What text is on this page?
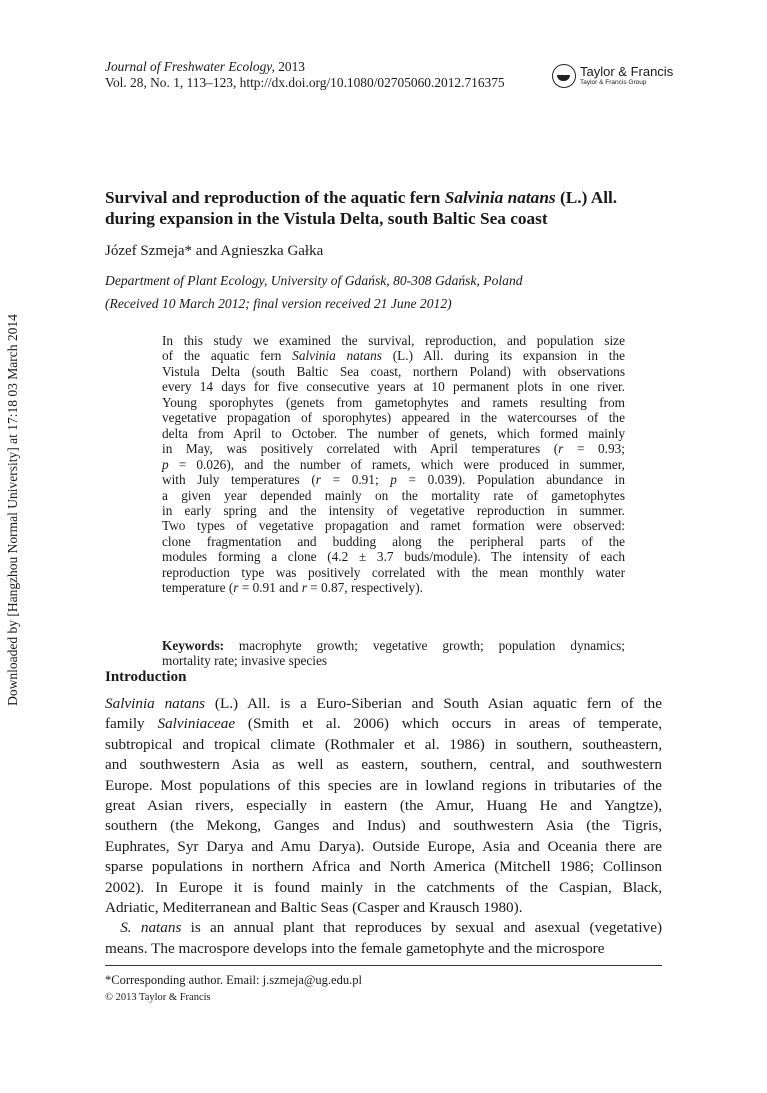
Downloaded by [Hangzhou Normal University] at 17:18 03 March 2014
Journal of Freshwater Ecology, 2013
Vol. 28, No. 1, 113–123, http://dx.doi.org/10.1080/02705060.2012.716375
Taylor & Francis
Taylor & Francis Group
Survival and reproduction of the aquatic fern Salvinia natans (L.) All.
during expansion in the Vistula Delta, south Baltic Sea coast
Józef Szmeja* and Agnieszka Gałka
Department of Plant Ecology, University of Gdańsk, 80-308 Gdańsk, Poland
(Received 10 March 2012; final version received 21 June 2012)
In this study we examined the survival, reproduction, and population size
of the aquatic fern Salvinia natans (L.) All. during its expansion in the
Vistula Delta (south Baltic Sea coast, northern Poland) with observations
every 14 days for five consecutive years at 10 permanent plots in one river.
Young sporophytes (genets from gametophytes and ramets resulting from
vegetative propagation of sporophytes) appeared in the watercourses of the
delta from April to October. The number of genets, which formed mainly
in May, was positively correlated with April temperatures (r = 0.93;
p = 0.026), and the number of ramets, which were produced in summer,
with July temperatures (r = 0.91; p = 0.039). Population abundance in
a given year depended mainly on the mortality rate of gametophytes
in early spring and the intensity of vegetative reproduction in summer.
Two types of vegetative propagation and ramet formation were observed:
clone fragmentation and budding along the peripheral parts of the
modules forming a clone (4.2 ± 3.7 buds/module). The intensity of each
reproduction type was positively correlated with the mean monthly water
temperature (r = 0.91 and r = 0.87, respectively).
Keywords: macrophyte growth; vegetative growth; population dynamics;
mortality rate; invasive species
Introduction
Salvinia natans (L.) All. is a Euro-Siberian and South Asian aquatic fern of the
family Salviniaceae (Smith et al. 2006) which occurs in areas of temperate,
subtropical and tropical climate (Rothmaler et al. 1986) in southern, southeastern,
and southwestern Asia as well as eastern, southern, central, and southwestern
Europe. Most populations of this species are in lowland regions in tributaries of the
great Asian rivers, especially in eastern (the Amur, Huang He and Yangtze),
southern (the Mekong, Ganges and Indus) and southwestern Asia (the Tigris,
Euphrates, Syr Darya and Amu Darya). Outside Europe, Asia and Oceania there are
sparse populations in northern Africa and North America (Mitchell 1986; Collinson
2002). In Europe it is found mainly in the catchments of the Caspian, Black,
Adriatic, Mediterranean and Baltic Seas (Casper and Krausch 1980).
 S. natans is an annual plant that reproduces by sexual and asexual (vegetative)
means. The macrospore develops into the female gametophyte and the microspore
*Corresponding author. Email: j.szmeja@ug.edu.pl
© 2013 Taylor & Francis
